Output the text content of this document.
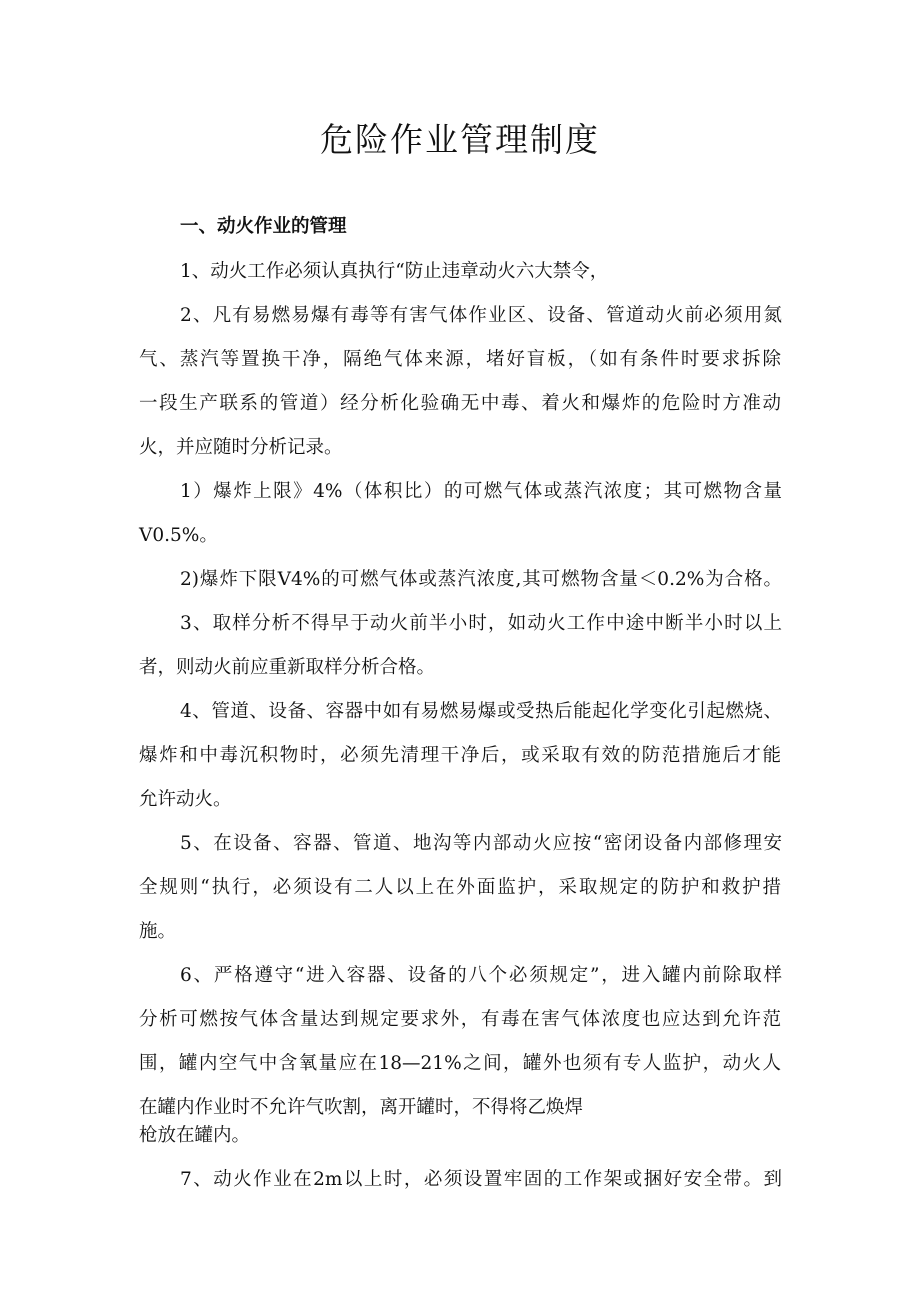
危险作业管理制度
一、动火作业的管理
1、动火工作必须认真执行“防止违章动火六大禁令，
2、凡有易燃易爆有毒等有害气体作业区、设备、管道动火前必须用氮
气、蒸汽等置换干净，隔绝气体来源，堵好盲板，（如有条件时要求拆除
一段生产联系的管道）经分析化验确无中毒、着火和爆炸的危险时方准动
火，并应随时分析记录。
1）爆炸上限》4%（体积比）的可燃气体或蒸汽浓度；其可燃物含量
V0.5%。
2)爆炸下限V4%的可燃气体或蒸汽浓度,其可燃物含量＜0.2%为合格。
3、取样分析不得早于动火前半小时，如动火工作中途中断半小时以上
者，则动火前应重新取样分析合格。
4、管道、设备、容器中如有易燃易爆或受热后能起化学变化引起燃烧、
爆炸和中毒沉积物时，必须先清理干净后，或采取有效的防范措施后才能
允许动火。
5、在设备、容器、管道、地沟等内部动火应按“密闭设备内部修理安
全规则“执行，必须设有二人以上在外面监护，采取规定的防护和救护措
施。
6、严格遵守“进入容器、设备的八个必须规定”，进入罐内前除取样
分析可燃按气体含量达到规定要求外，有毒在害气体浓度也应达到允许范
围，罐内空气中含氧量应在18—21%之间，罐外也须有专人监护，动火人
在罐内作业时不允许气吹割，离开罐时，不得将乙焕焊
枪放在罐内。
7、动火作业在2m以上时，必须设置牢固的工作架或捆好安全带。到
